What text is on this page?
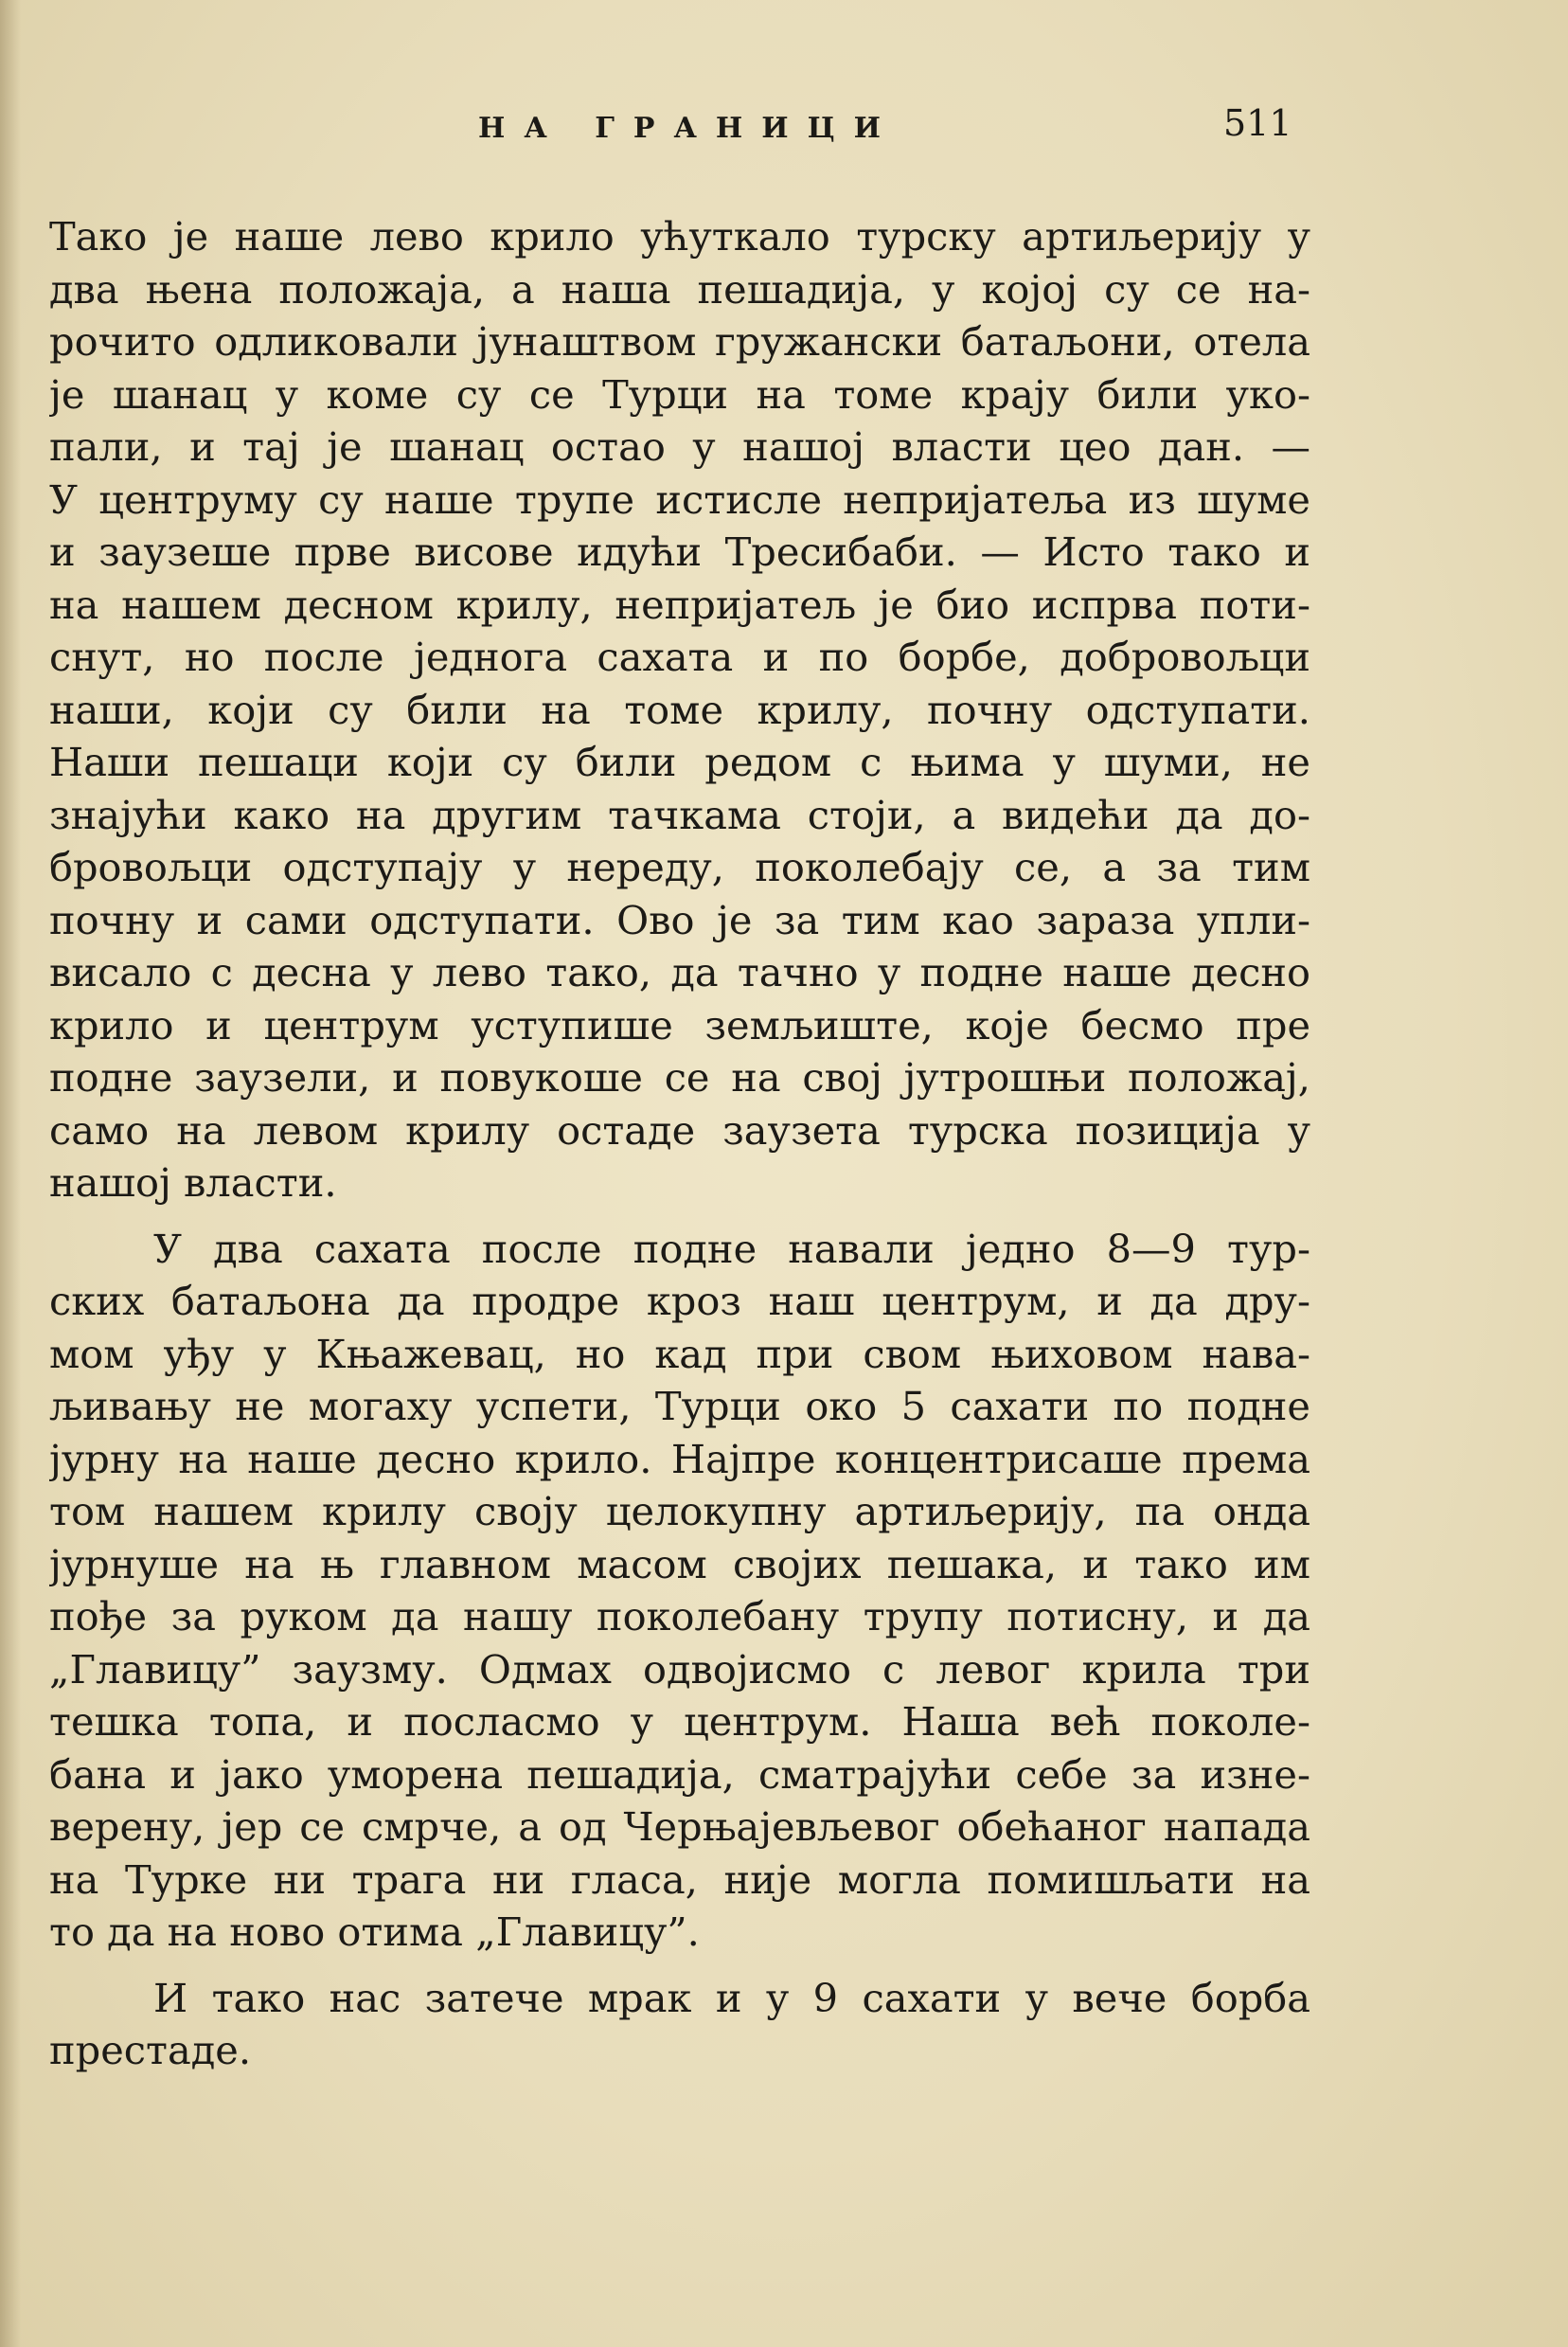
НА ГРАНИЦИ	511
Тако је наше лево крило ућуткало турску артиљерију у
два њена положаја, а наша пешадија, у којој су се на-
рочито одликовали јунаштвом гружански батаљони, отела
је шанац у коме су се Турци на томе крају били уко-
пали, и тај је шанац остао у нашој власти цео дан. —
У центруму су наше трупе истисле непријатеља из шуме
и заузеше прве висове идући Тресибаби. — Исто тако и
на нашем десном крилу, непријатељ је био испрва поти-
снут, но после једнога сахата и по борбе, добровољци
наши, који су били на томе крилу, почну одступати.
Наши пешаци који су били редом с њима у шуми, не
знајући како на другим тачкама стоји, а видећи да до-
бровољци одступају у нереду, поколебају се, а за тим
почну и сами одступати. Ово је за тим као зараза упли-
висало с десна у лево тако, да тачно у подне наше десно
крило и центрум уступише земљиште, које бесмо пре
подне заузели, и повукоше се на свој јутрошњи положај,
само на левом крилу остаде заузета турска позиција у
нашој власти.
У два сахата после подне навали једно 8—9 тур-
ских батаљона да продре кроз наш центрум, и да дру-
мом уђу у Књажевац, но кад при свом њиховом нава-
љивању не могаху успети, Турци око 5 сахати по подне
јурну на наше десно крило. Најпре концентрисаше према
том нашем крилу своју целокупну артиљерију, па онда
јурнуше на њ главном масом својих пешака, и тако им
пође за руком да нашу поколебану трупу потисну, и да
„Главицу” заузму. Одмах одвојисмо с левог крила три
тешка топа, и посласмо у центрум. Наша већ поколе-
бана и јако уморена пешадија, сматрајући себе за изне-
верену, јер се смрче, а од Черњајевљевог обећаног напада
на Турке ни трага ни гласа, није могла помишљати на
то да на ново отима „Главицу”.
И тако нас затече мрак и у 9 сахати у вече борба
престаде.
